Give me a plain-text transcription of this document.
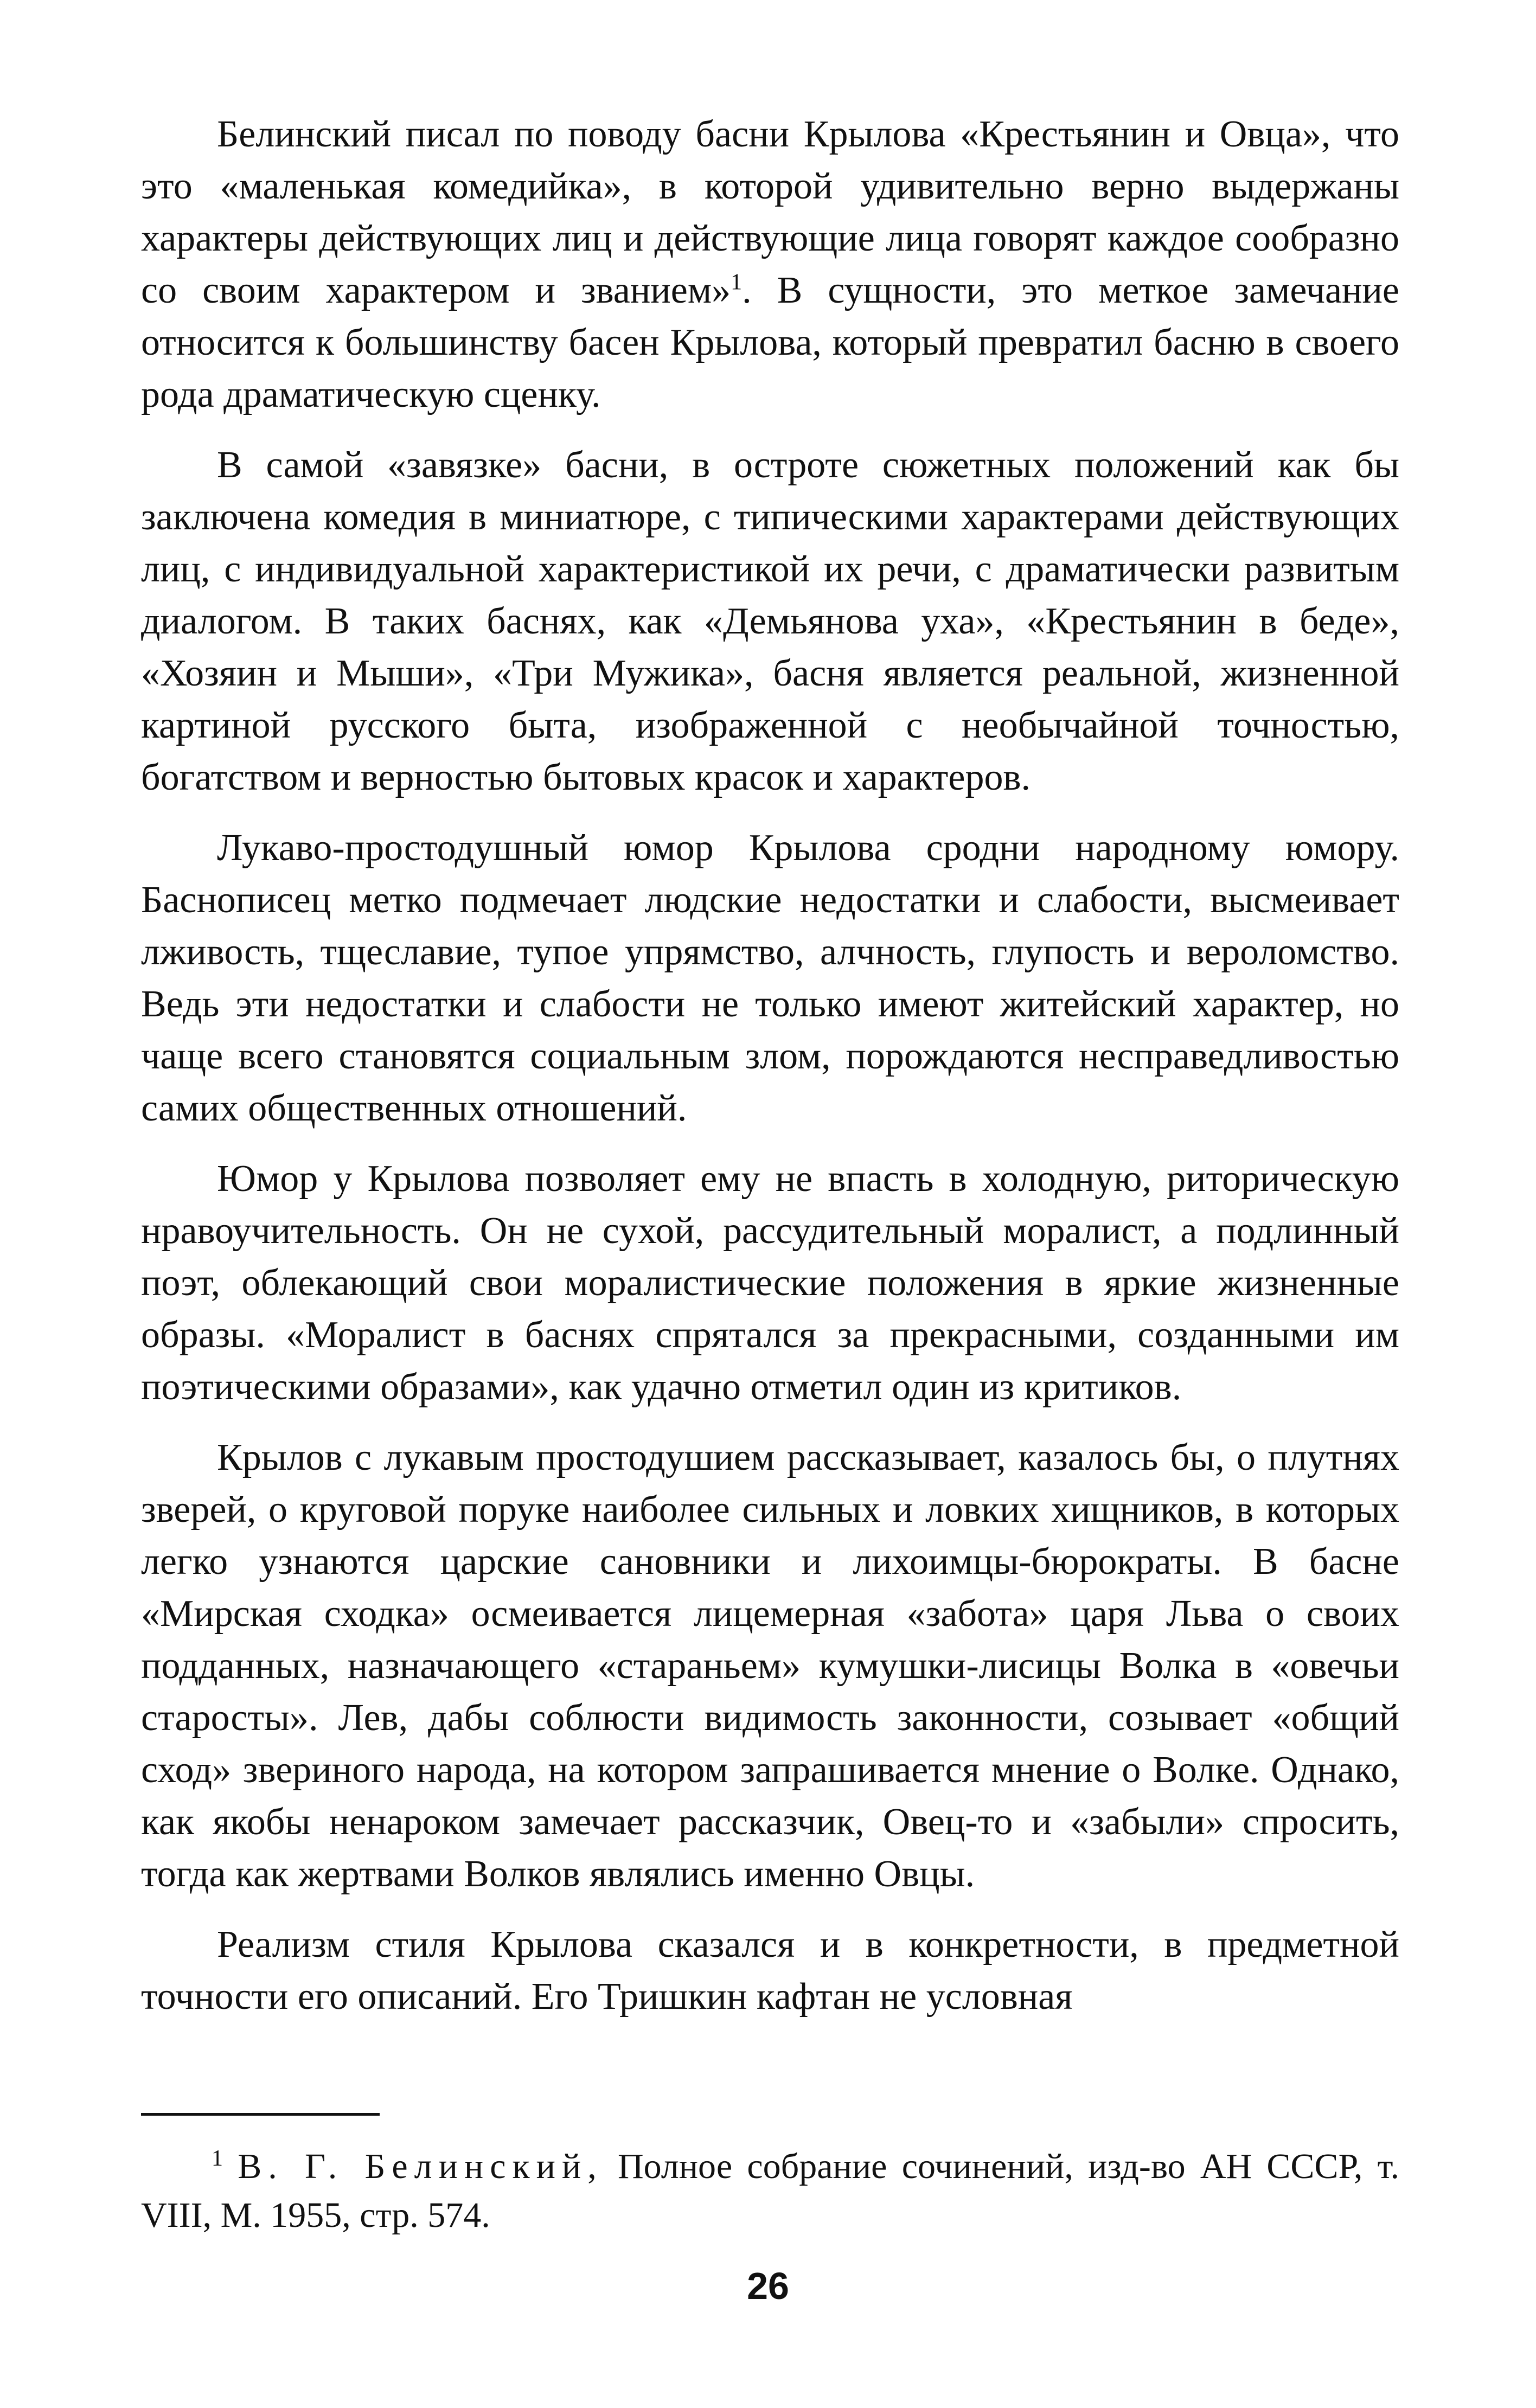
Белинский писал по поводу басни Крылова «Крестьянин и Овца», что это «маленькая комедийка», в которой удивительно верно выдержаны характеры действующих лиц и действующие лица говорят каждое сообразно со своим характером и званием»$^1$. В сущности, это меткое замечание относится к большинству басен Крылова, который превратил басню в своего рода драматическую сценку.

В самой «завязке» басни, в остроте сюжетных положений как бы заключена комедия в миниатюре, с типическими характерами действующих лиц, с индивидуальной характеристикой их речи, с драматически развитым диалогом. В таких баснях, как «Демьянова уха», «Крестьянин в беде», «Хозяин и Мыши», «Три Мужика», басня является реальной, жизненной картиной русского быта, изображенной с необычайной точностью, богатством и верностью бытовых красок и характеров.

Лукаво-простодушный юмор Крылова сродни народному юмору. Баснописец метко подмечает людские недостатки и слабости, высмеивает лживость, тщеславие, тупое упрямство, алчность, глупость и вероломство. Ведь эти недостатки и слабости не только имеют житейский характер, но чаще всего становятся социальным злом, порождаются несправедливостью самих общественных отношений.

Юмор у Крылова позволяет ему не впасть в холодную, риторическую нравоучительность. Он не сухой, рассудительный моралист, а подлинный поэт, облекающий свои моралистические положения в яркие жизненные образы. «Моралист в баснях спрятался за прекрасными, созданными им поэтическими образами», как удачно отметил один из критиков.

Крылов с лукавым простодушием рассказывает, казалось бы, о плутнях зверей, о круговой поруке наиболее сильных и ловких хищников, в которых легко узнаются царские сановники и лихоимцы-бюрократы. В басне «Мирская сходка» осмеивается лицемерная «забота» царя Льва о своих подданных, назначающего «стараньем» кумушки-лисицы Волка в «овечьи старосты». Лев, дабы соблюсти видимость законности, созывает «общий сход» звериного народа, на котором запрашивается мнение о Волке. Однако, как якобы ненароком замечает рассказчик, Овец-то и «забыли» спросить, тогда как жертвами Волков являлись именно Овцы.

Реализм стиля Крылова сказался и в конкретности, в предметной точности его описаний. Его Тришкин кафтан не условная

$^1$ В. Г. Белинский, Полное собрание сочинений, изд-во АН СССР, т. VIII, М. 1955, стр. 574.
26
